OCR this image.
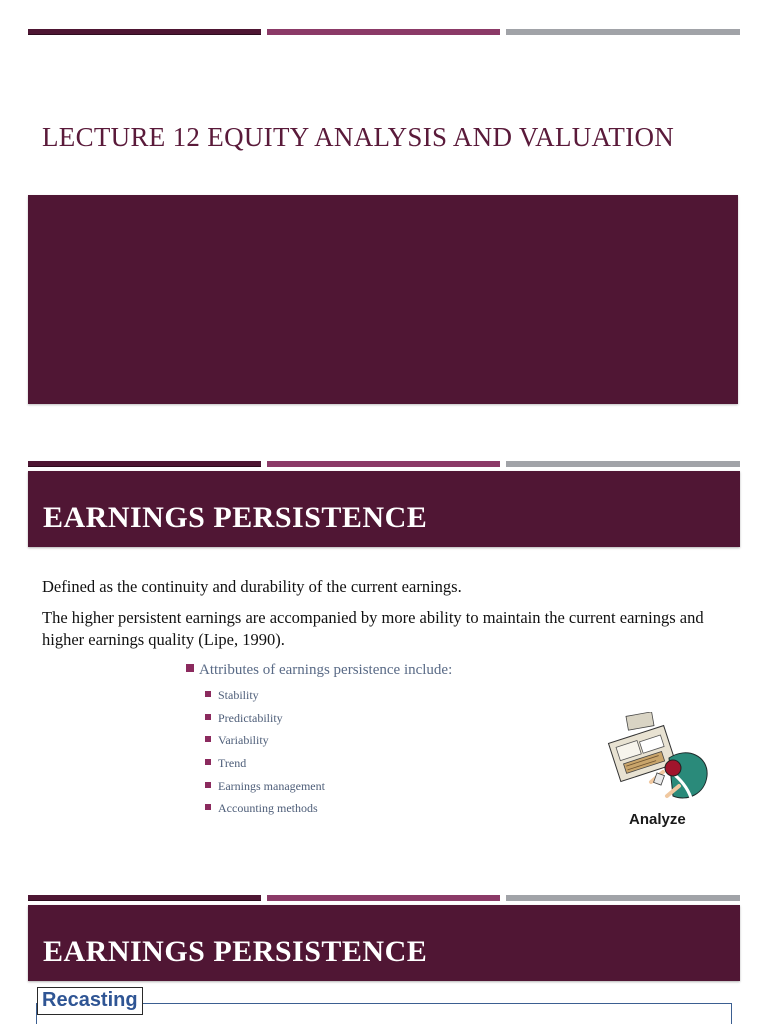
LECTURE 12 EQUITY ANALYSIS AND VALUATION
EARNINGS PERSISTENCE
Defined as the continuity and durability of the current earnings.
The higher persistent earnings are accompanied by more ability to maintain the current earnings and higher earnings quality (Lipe, 1990).
Attributes of earnings persistence include:
Stability
Predictability
Variability
Trend
Earnings management
Accounting methods
Analyze
EARNINGS PERSISTENCE
Recasting
